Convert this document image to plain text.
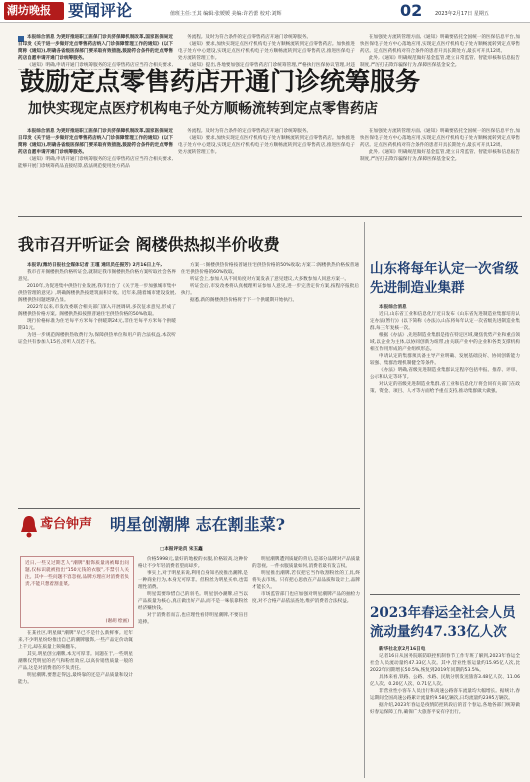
潮坊晚报 要闻评论	值班主任:王其 编辑:张媛媛 美编:许若蕾 校对:刘辉	02	2023年2月17日 星期五

本报综合消息 为更好推进职工医保门诊共济保障机制改革,国家医保局近日印发《关于进一步做好定点零售药店纳入门诊保障管理工作的通知》(以下简称《通知》),明确各省级医保部门要采取有效措施,鼓励符合条件的定点零售药店自愿申请开通门诊统筹服务。

《通知》明确,申请开通门诊统筹服务的定点零售药店应当符合相关要求,

务流程。及时为符合条件的定点零售药店开通门诊统筹服务。

《通知》要求,加快实现定点医疗机构电子处方顺畅流转到定点零售药店。加快推进电子处方中心建设,实现定点医疗机构电子处方顺畅流转到定点零售药店,推进医保电子处方流转管理工作。

《通知》提出,各地要加强定点零售药店门诊统筹管理,严格执行医保协议管理,对违

在加强处方流转管理方面,《通知》明确要依托全国统一的医保信息平台,加快医保电子处方中心落地应用,实现定点医疗机构电子处方顺畅流转到定点零售药店。定点医药机构对符合条件的患者开具长期处方,最长可开具12周。

此外,《通知》明确规范做好基金监管,建立日常监管、智能审核和信息报告制度,严厉打击欺诈骗保行为,保障医保基金安全。

鼓励定点零售药店开通门诊统筹服务
加快实现定点医疗机构电子处方顺畅流转到定点零售药店

本报综合消息 为更好推进职工医保门诊共济保障机制改革,国家医保局近日印发《关于进一步做好定点零售药店纳入门诊保障管理工作的通知》(以下简称《通知》),明确各省级医保部门要采取有效措施,鼓励符合条件的定点零售药店自愿申请开通门诊统筹服务。

《通知》明确,申请开通门诊统筹服务的定点零售药店应当符合相关要求,能够开展门诊统筹药品直接结算,依法规范使用处方药品

务流程。及时为符合条件的定点零售药店开通门诊统筹服务。

《通知》要求,加快实现定点医疗机构电子处方顺畅流转到定点零售药店。加快推进电子处方中心建设,实现定点医疗机构电子处方顺畅流转到定点零售药店,推进医保电子处方流转管理工作。

在加强处方流转管理方面,《通知》明确要依托全国统一的医保信息平台,加快医保电子处方中心落地应用,实现定点医疗机构电子处方顺畅流转到定点零售药店。定点医药机构对符合条件的患者开具长期处方,最长可开具12周。

此外,《通知》明确规范做好基金监管,建立日常监管、智能审核和信息报告制度,严厉打击欺诈骗保行为,保障医保基金安全。

我市召开听证会 阁楼供热拟半价收费

本报讯(潍坊日报社全媒体记者 王瑾 通讯员任振芳) 2月16日上午,

我市召开阁楼供热价格听证会,就制定我市阁楼供热价格方案听取社会各界意见。

2010年,为促进集中供热行业发展,我市出台了《关于进一步加强城市集中供热管理的意见》,明确阁楼供热按建筑面积计收。近年来,随着城市建设发展,阁楼供热问题逐渐凸显。

2022年以来,市发改委联合相关部门深入开展调研,多次征求意见,形成了阁楼供热价格方案。阁楼供热拟按照普通住宅供热价格的50%收取。

现行价格标准为住宅每平方米每个供暖期24元,非住宅每平方米每个供暖期31元。

为进一步规范阁楼供热收费行为,保障供热单位和用户的合法权益,本次听证会共有参加人15名,旁听人员若干名。

方案一:阁楼供热价格按普通住宅供热价格的50%收取;方案二:阁楼供热价格按普通住宅供热价格的60%收取。

听证会上,参加人从不同角度对方案发表了意见建议,大多数参加人同意方案一。

听证会后,市发改委将认真梳理听证参加人意见,进一步完善定价方案,按程序报批后执行。

据悉,新的阁楼供热价格将于下一个供暖期开始执行。

山东将每年认定一次省级先进制造业集群

本报综合消息

近日,山东省工业和信息化厅近日发布《山东省先进制造业集群培育认定办法(暂行)》(以下简称《办法》),山东将每年认定一次省级先进制造业集群,每三年复核一次。

根据《办法》,先进制造业集群是指在特定区域,聚焦优势产业和重点领域,以企业为主体,以协同创新为纽带,由关联产业中的企业和各类支撑机构相互作用形成的产业组织形态。

申请认定的集群须具备主导产业明确、发展基础良好、协同创新能力较强、集群治理机制健全等条件。

《办法》明确,省级先进制造业集群认定程序包括申报、推荐、评审、公示和认定等环节。

对认定的省级先进制造业集群,省工业和信息化厅将会同有关部门在政策、资金、项目、人才等方面给予重点支持,推动集群做大做强。

鸢台钟声 明星创潮牌 志在割韭菜?
□本报评论员 宋玉鑫
近日,一些又过期艺人“潮牌”服饰质量再被曝出问题,仅标识就被指出“150元钱的衣服”,不禁引人关注。其中一些问题不容忽视,品牌方理应对消费者负责,不能只想着割韭菜。
(谢胡 绘画)

在某社区,明星做“潮牌”早已不是什么新鲜事。近年来,不少明星纷纷推出自己的潮牌服饰,一些产品定价动辄上千元,却在质量上频频翻车。

其实,明星创立潮牌,本无可厚非。问题在于,一些明星潮牌仅凭明星的名气和粉丝效应,以高价销售质量一般的产品,这是对消费者的不负责任。

明星潮牌,要想走得远,最终靠的还是产品质量和设计能力。

价格5998元,量好的地板的衣服,价格较高,这种价格让不少年轻消费者望而却步。

事实上,对于明星来说,利用自身知名度推出潮牌,是一种商业行为,本身无可厚非。但粉丝为明星买单,也需理性消费。

明星需要珍惜自己的羽毛。明星创办潮牌,应当以产品质量为核心,真正做出好产品,而不是一味依靠粉丝经济赚快钱。

对于消费者而言,也应理性看待明星潮牌,不要盲目追捧。

明星潮牌遭到质疑的背后,是部分品牌对产品质量的忽视。一件衣服质量如何,消费者最有发言权。

明星推出潮牌,若仅把它当作收割粉丝的工具,终将失去市场。只有把心思放在产品品质和设计上,品牌才能长久。

市场监管部门也应加强对明星潮牌产品的抽检力度,对不合格产品依法查处,维护消费者合法权益。

2023年春运全社会人员流动量约47.33亿人次

新华社北京2月16日电

记者16日从国务院联防联控机制春节工作专班了解到,2023年春运全社会人员流动量约47.33亿人次。其中,营业性客运量约15.95亿人次,比2022年同期增长50.5%,恢复到2019年同期的53.5%。

具体来看,铁路、公路、水路、民航分别发送旅客3.48亿人次、11.06亿人次、0.20亿人次、0.71亿人次。

非营业性小客车人员出行和高速公路客车流量均大幅增长。据统计,春运期间全国高速公路累计流量约9.58亿辆次,日均流量约2395万辆次。

据介绍,2023年春运是疫情防控转段后的首个春运,各地各部门统筹做好春运保障工作,确保广大旅客平安有序出行。
